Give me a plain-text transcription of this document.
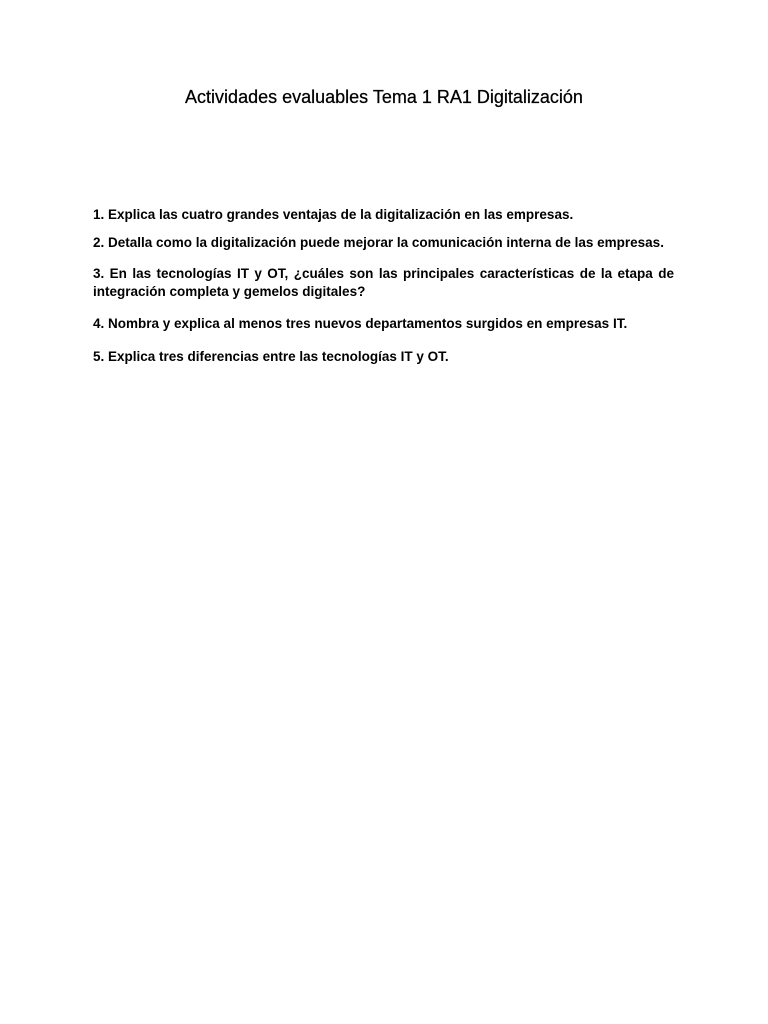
Actividades evaluables Tema 1 RA1 Digitalización
1. Explica las cuatro grandes ventajas de la digitalización en las empresas.
2. Detalla como la digitalización puede mejorar la comunicación interna de las empresas.
3. En las tecnologías IT y OT, ¿cuáles son las principales características de la etapa de integración completa y gemelos digitales?
4. Nombra y explica al menos tres nuevos departamentos surgidos en empresas IT.
5. Explica tres diferencias entre las tecnologías IT y OT.
